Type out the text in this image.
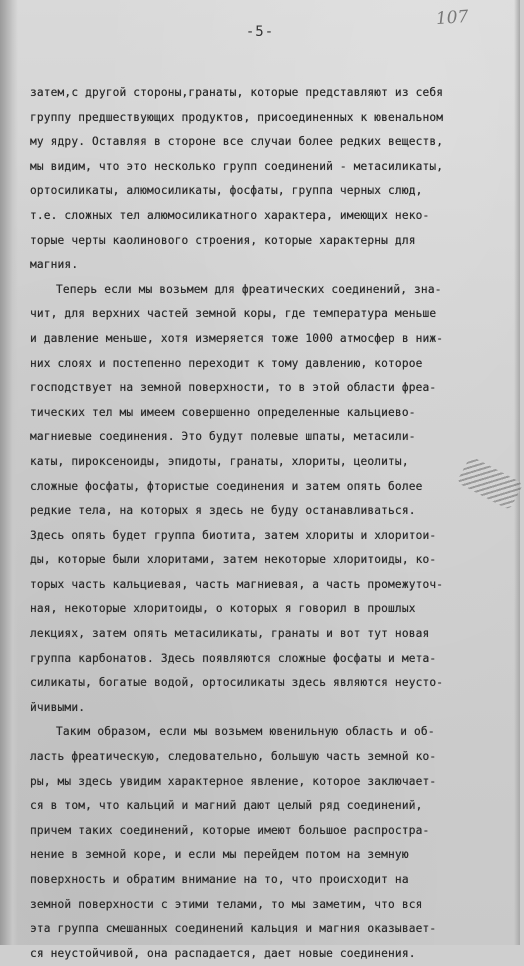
-5-
107
затем,с другой стороны,гранаты, которые представляют из себя
группу предшествующих продуктов, присоединенных к ювенальном
му ядру. Оставляя в стороне все случаи более редких веществ,
мы видим, что это несколько групп соединений - метасиликаты,
ортосиликаты, алюмосиликаты, фосфаты, группа черных слюд,
т.е. сложных тел алюмосиликатного характера, имеющих неко-
торые черты каолинового строения, которые характерны для
магния.
Теперь если мы возьмем для фреатических соединений, зна-
чит, для верхних частей земной коры, где температура меньше
и давление меньше, хотя измеряется тоже 1000 атмосфер в ниж-
них слоях и постепенно переходит к тому давлению, которое
господствует на земной поверхности, то в этой области фреа-
тических тел мы имеем совершенно определенные кальциево-
магниевые соединения. Это будут полевые шпаты, метасили-
каты, пироксеноиды, эпидоты, гранаты, хлориты, цеолиты,
сложные фосфаты, фтористые соединения и затем опять более
редкие тела, на которых я здесь не буду останавливаться.
Здесь опять будет группа биотита, затем хлориты и хлоритои-
ды, которые были хлоритами, затем некоторые хлоритоиды, ко-
торых часть кальциевая, часть магниевая, а часть промежуточ-
ная, некоторые хлоритоиды, о которых я говорил в прошлых
лекциях, затем опять метасиликаты, гранаты и вот тут новая
группа карбонатов. Здесь появляются сложные фосфаты и мета-
силикаты, богатые водой, ортосиликаты здесь являются неусто-
йчивыми.
Таким образом, если мы возьмем ювенильную область и об-
ласть фреатическую, следовательно, большую часть земной ко-
ры, мы здесь увидим характерное явление, которое заключает-
ся в том, что кальций и магний дают целый ряд соединений,
причем таких соединений, которые имеют большое распростра-
нение в земной коре, и если мы перейдем потом на земную
поверхность и обратим внимание на то, что происходит на
земной поверхности с этими телами, то мы заметим, что вся
эта группа смешанных соединений кальция и магния оказывает-
ся неустойчивой, она распадается, дает новые соединения.
